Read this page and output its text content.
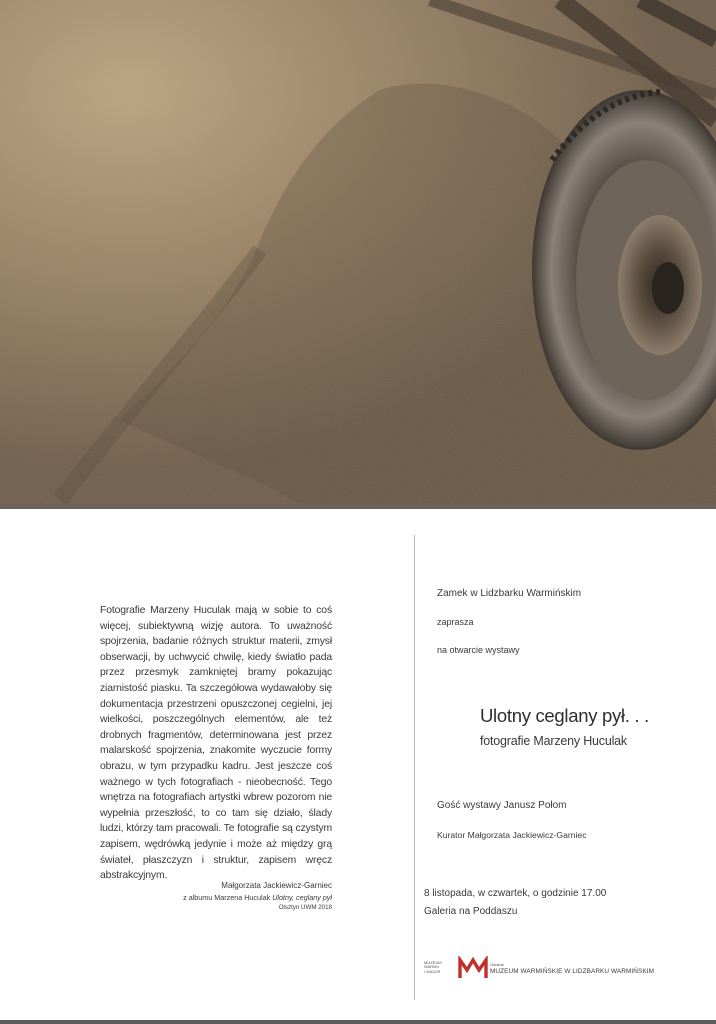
Fotografie Marzeny Huculak mają w sobie to coś więcej, subiektywną wizję autora. To uważność spojrzenia, badanie różnych struktur materii, zmysł obserwacji, by uchwycić chwilę, kiedy światło pada przez przesmyk zamkniętej bramy pokazując ziarnistość piasku. Ta szczegółowa wydawałoby się dokumentacja przestrzeni opuszczonej cegielni, jej wielkości, poszczególnych elementów, ale też drobnych fragmentów, determinowana jest przez malarskość spojrzenia, znakomite wyczucie formy obrazu, w tym przypadku kadru. Jest jeszcze coś ważnego w tych fotografiach - nieobecność. Tego wnętrza na fotografiach artystki wbrew pozorom nie wypełnia przeszłość, to co tam się działo, ślady ludzi, którzy tam pracowali. Te fotografie są czystym zapisem, wędrówką jedynie i może aż między grą świateł, płaszczyzn i struktur, zapisem wręcz abstrakcyjnym.
Małgorzata Jackiewicz-Garniec
z albumu Marzena Huculak Ulotny, ceglany pył
Olsztyn UWM 2018
Zamek w Lidzbarku Warmińskim
zaprasza
na otwarcie wystawy
Ulotny ceglany pył. . .
fotografie Marzeny Huculak
Gość wystawy Janusz Połom
Kurator Małgorzata Jackiewicz-Garniec
8 listopada, w czwartek, o godzinie 17.00
Galeria na Poddaszu
MUZEUM
WARMII
I MAZUR
Oddział
MUZEUM WARMIŃSKIE W LIDZBARKU WARMIŃSKIM
